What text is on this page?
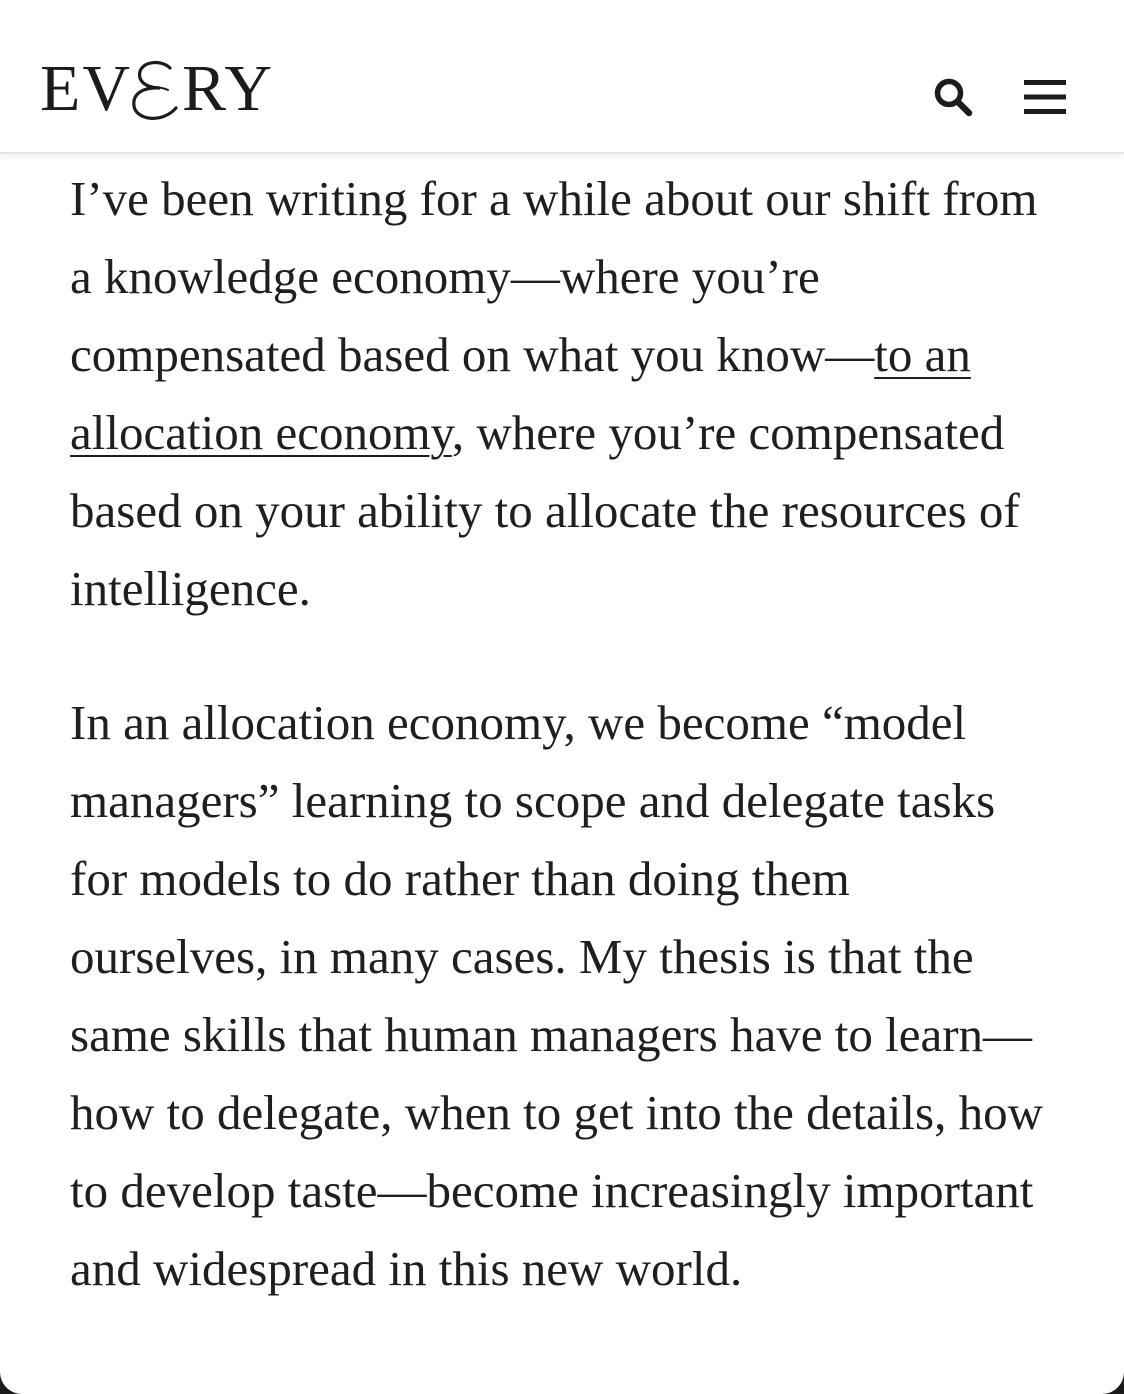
EV RY

I’ve been writing for a while about our shift from a knowledge economy—where you’re compensated based on what you know—to an allocation economy, where you’re compensated based on your ability to allocate the resources of intelligence.

In an allocation economy, we become “model managers” learning to scope and delegate tasks for models to do rather than doing them ourselves, in many cases. My thesis is that the same skills that human managers have to learn—how to delegate, when to get into the details, how to develop taste—become increasingly important and widespread in this new world.
